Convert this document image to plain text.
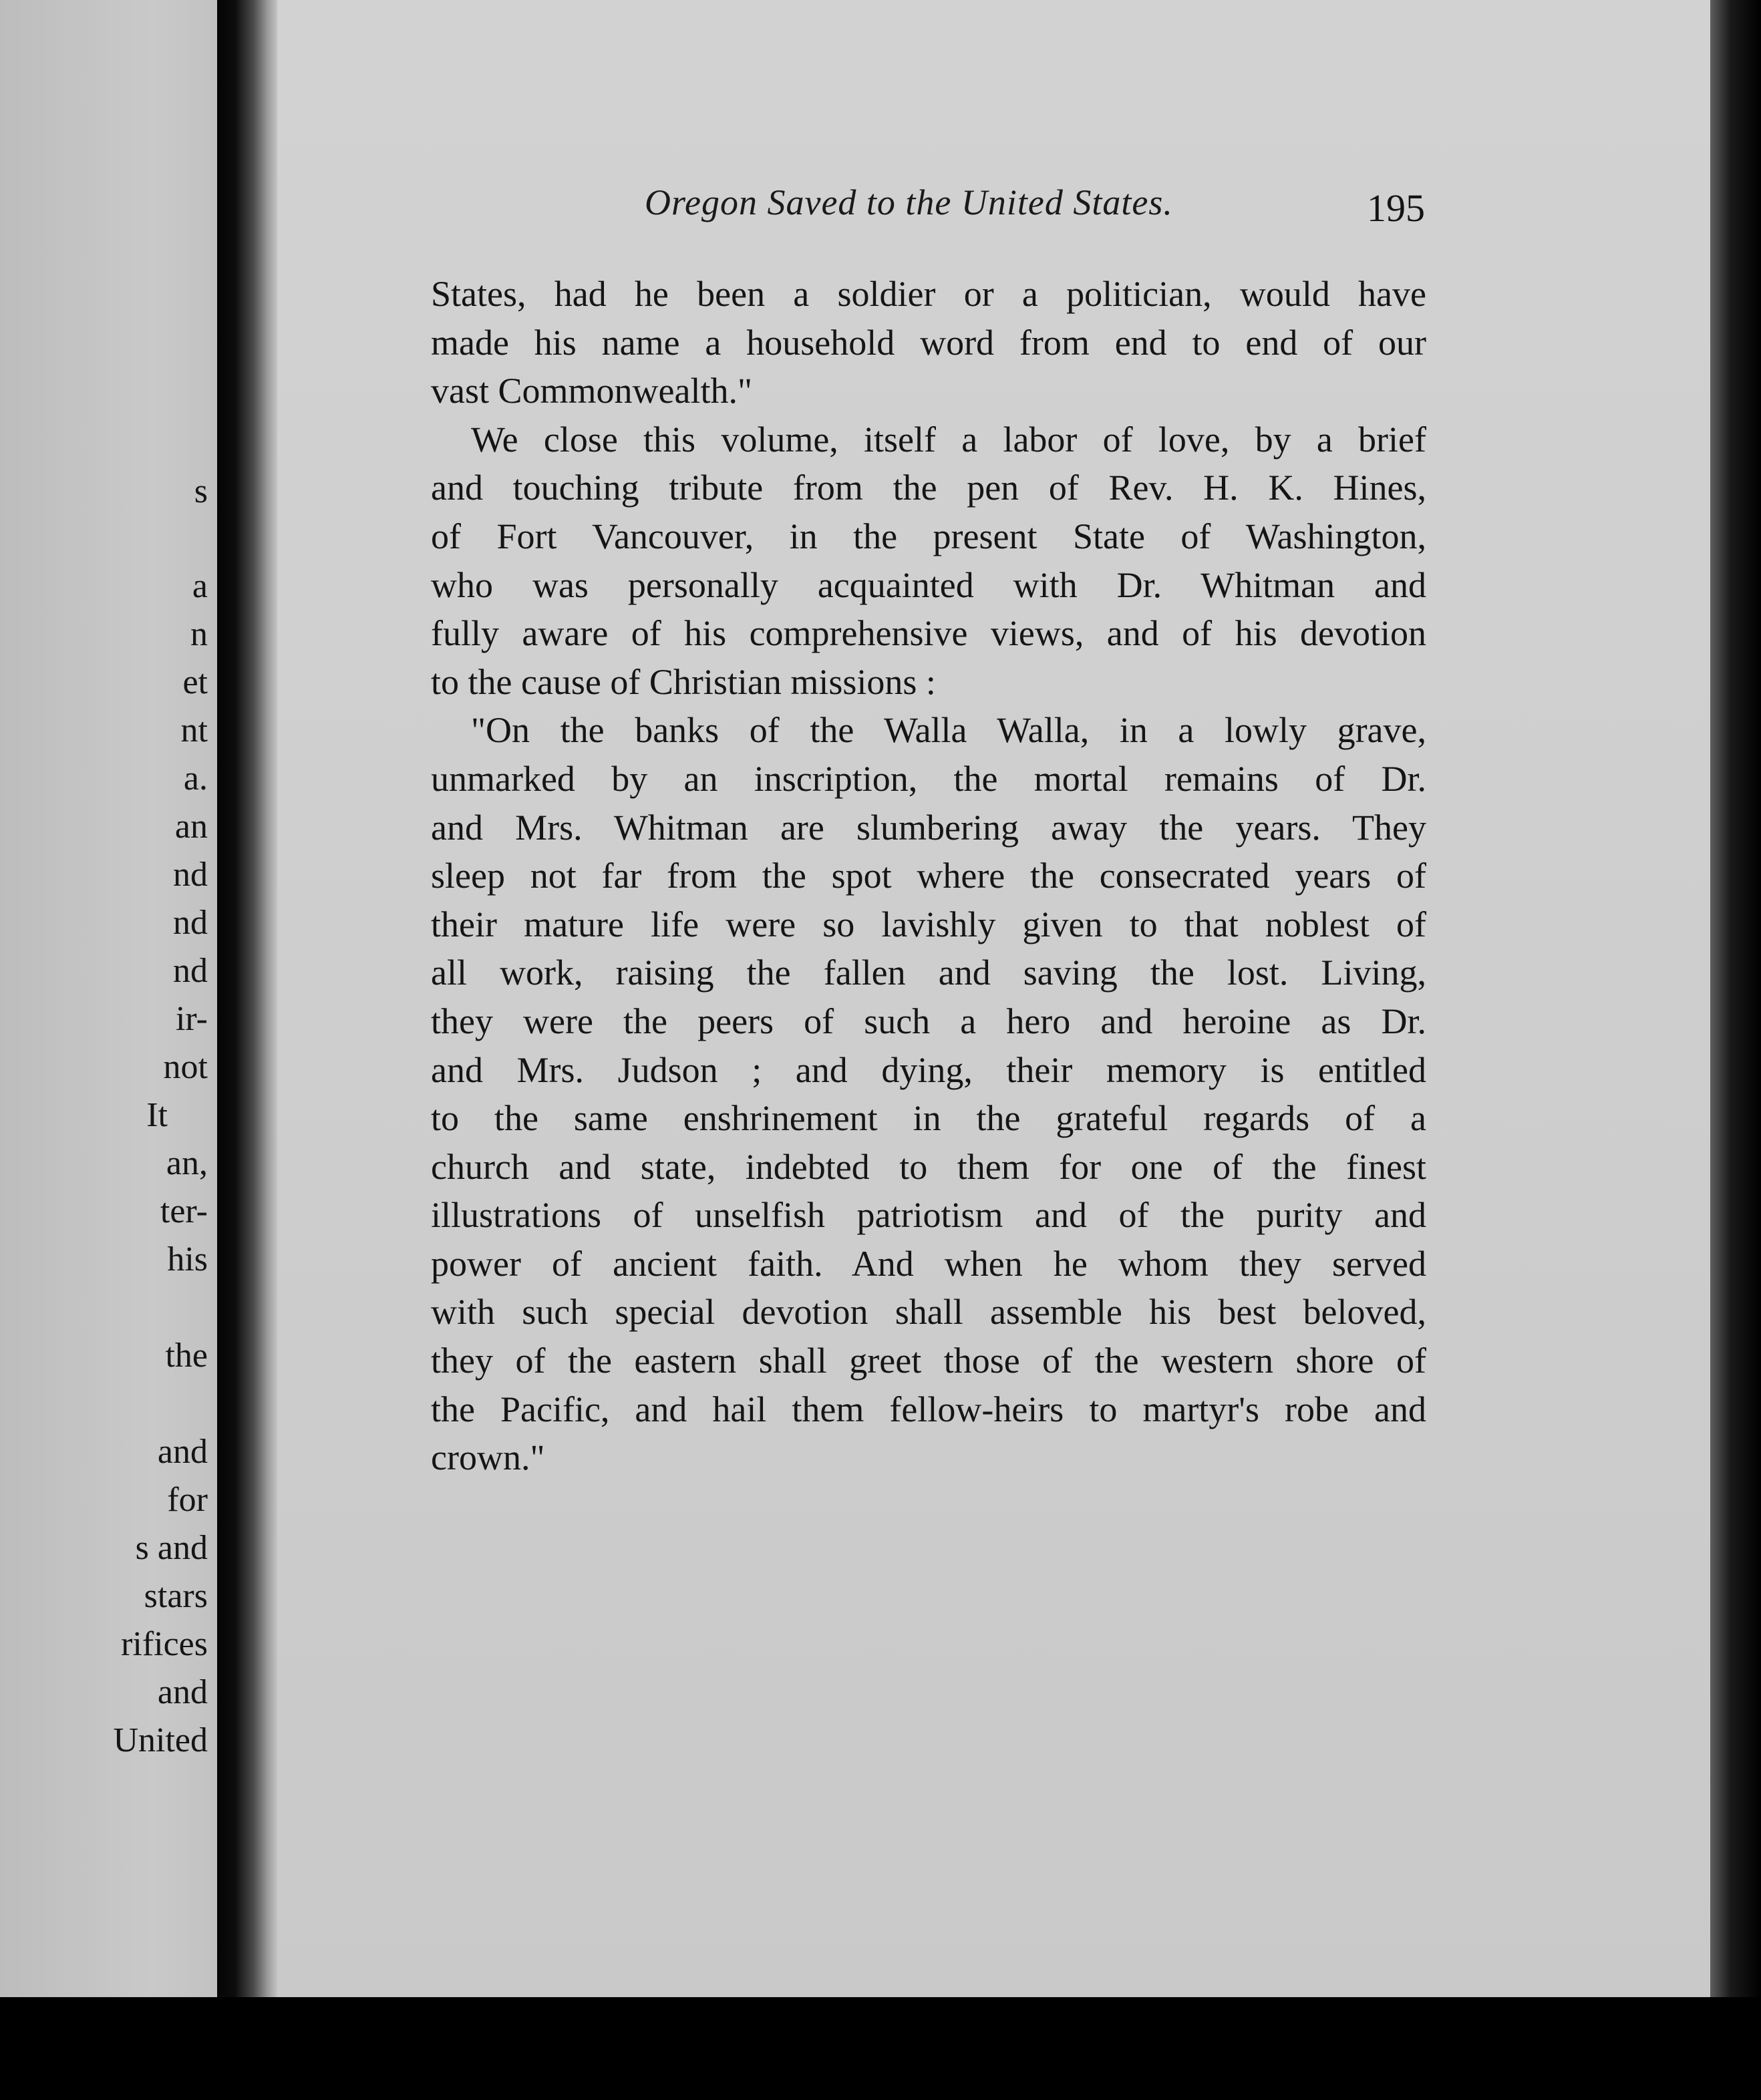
s

a

n

et

nt

a.

an

nd

nd

nd

ir-

not

It

an,

ter-

his

the

and

for

s and

stars

rifices

and

United

Oregon Saved to the United States.	195

States, had he been a soldier or a politician, would have
made his name a household word from end to end of our
vast Commonwealth."
We close this volume, itself a labor of love, by a brief
and touching tribute from the pen of Rev. H. K. Hines,
of Fort Vancouver, in the present State of Washington,
who was personally acquainted with Dr. Whitman and
fully aware of his comprehensive views, and of his devotion
to the cause of Christian missions :
"On the banks of the Walla Walla, in a lowly grave,
unmarked by an inscription, the mortal remains of Dr.
and Mrs. Whitman are slumbering away the years. They
sleep not far from the spot where the consecrated years of
their mature life were so lavishly given to that noblest of
all work, raising the fallen and saving the lost. Living,
they were the peers of such a hero and heroine as Dr.
and Mrs. Judson ; and dying, their memory is entitled
to the same enshrinement in the grateful regards of a
church and state, indebted to them for one of the finest
illustrations of unselfish patriotism and of the purity and
power of ancient faith. And when he whom they served
with such special devotion shall assemble his best beloved,
they of the eastern shall greet those of the western shore of
the Pacific, and hail them fellow-heirs to martyr's robe and
crown."
